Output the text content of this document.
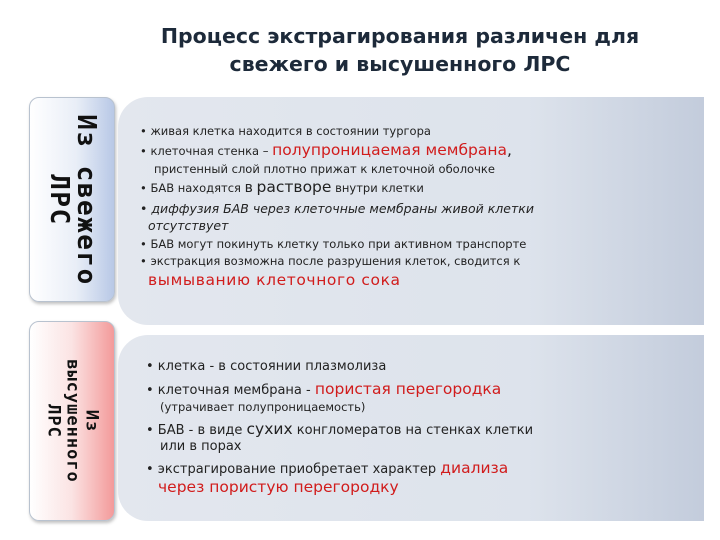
Процесс экстрагирования различен для
свежего и высушенного ЛРС
Из свежего
ЛРС
• живая клетка находится в состоянии тургора
• клеточная стенка – полупроницаемая мембрана,
пристенный слой плотно прижат к клеточной оболочке
• БАВ находятся в растворе внутри клетки
• диффузия БАВ через клеточные мембраны живой клетки
отсутствует
• БАВ могут покинуть клетку только при активном транспорте
• экстракция возможна после разрушения клеток, сводится к
вымыванию клеточного сока
Из
высушенного
ЛРС
• клетка - в состоянии плазмолиза
• клеточная мембрана - пористая перегородка
(утрачивает полупроницаемость)
• БАВ - в виде сухих конгломератов на стенках клетки
или в порах
• экстрагирование приобретает характер диализа
через пористую перегородку
